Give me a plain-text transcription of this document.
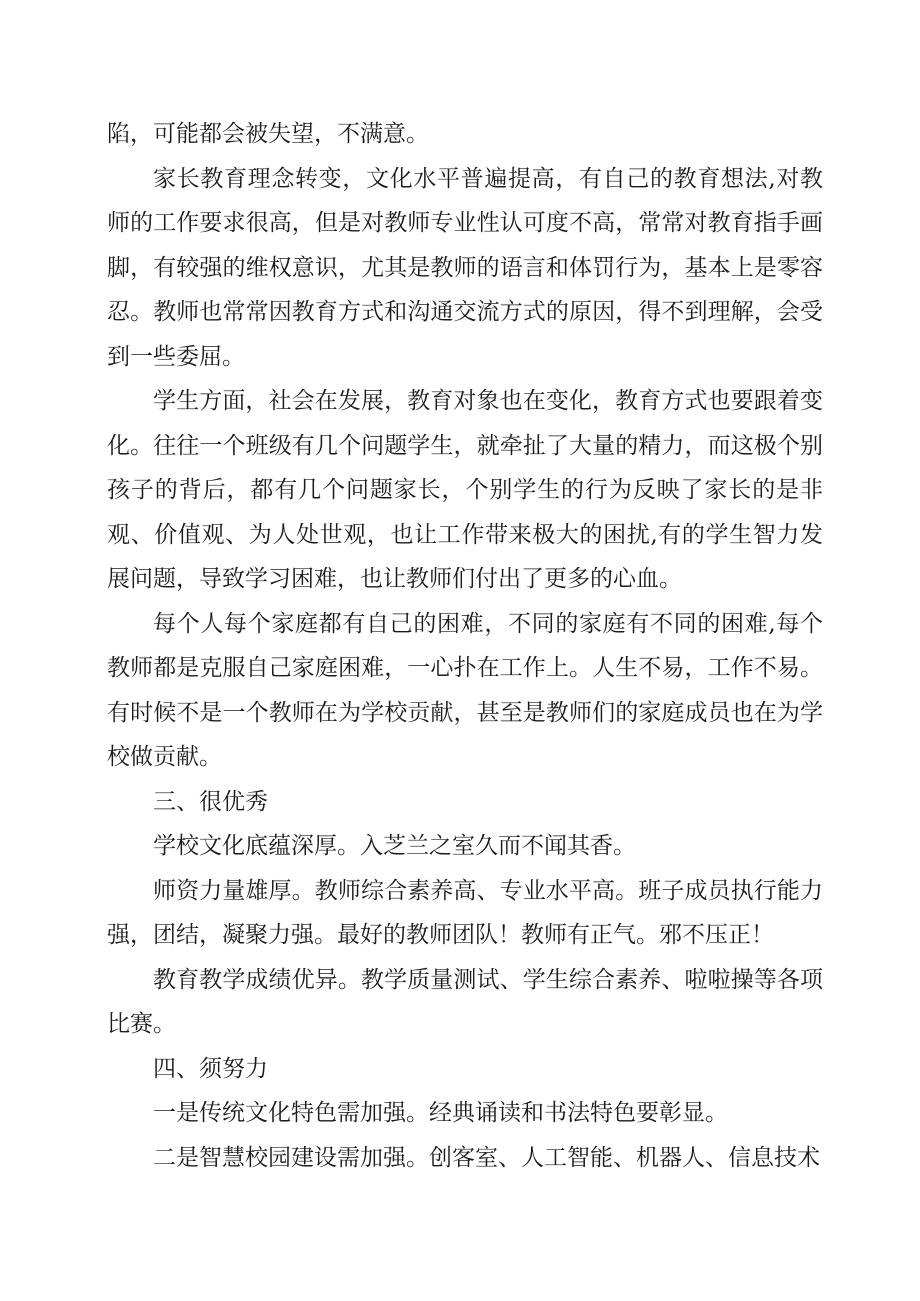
陷，可能都会被失望，不满意。

家长教育理念转变，文化水平普遍提高，有自己的教育想法,对教师的工作要求很高，但是对教师专业性认可度不高，常常对教育指手画脚，有较强的维权意识，尤其是教师的语言和体罚行为，基本上是零容忍。教师也常常因教育方式和沟通交流方式的原因，得不到理解，会受到一些委屈。

学生方面，社会在发展，教育对象也在变化，教育方式也要跟着变化。往往一个班级有几个问题学生，就牵扯了大量的精力，而这极个别孩子的背后，都有几个问题家长，个别学生的行为反映了家长的是非观、价值观、为人处世观，也让工作带来极大的困扰,有的学生智力发展问题，导致学习困难，也让教师们付出了更多的心血。

每个人每个家庭都有自己的困难，不同的家庭有不同的困难,每个教师都是克服自己家庭困难，一心扑在工作上。人生不易，工作不易。有时候不是一个教师在为学校贡献，甚至是教师们的家庭成员也在为学校做贡献。

三、很优秀

学校文化底蕴深厚。入芝兰之室久而不闻其香。

师资力量雄厚。教师综合素养高、专业水平高。班子成员执行能力强，团结，凝聚力强。最好的教师团队！教师有正气。邪不压正！

教育教学成绩优异。教学质量测试、学生综合素养、啦啦操等各项比赛。

四、须努力

一是传统文化特色需加强。经典诵读和书法特色要彰显。

二是智慧校园建设需加强。创客室、人工智能、机器人、信息技术
